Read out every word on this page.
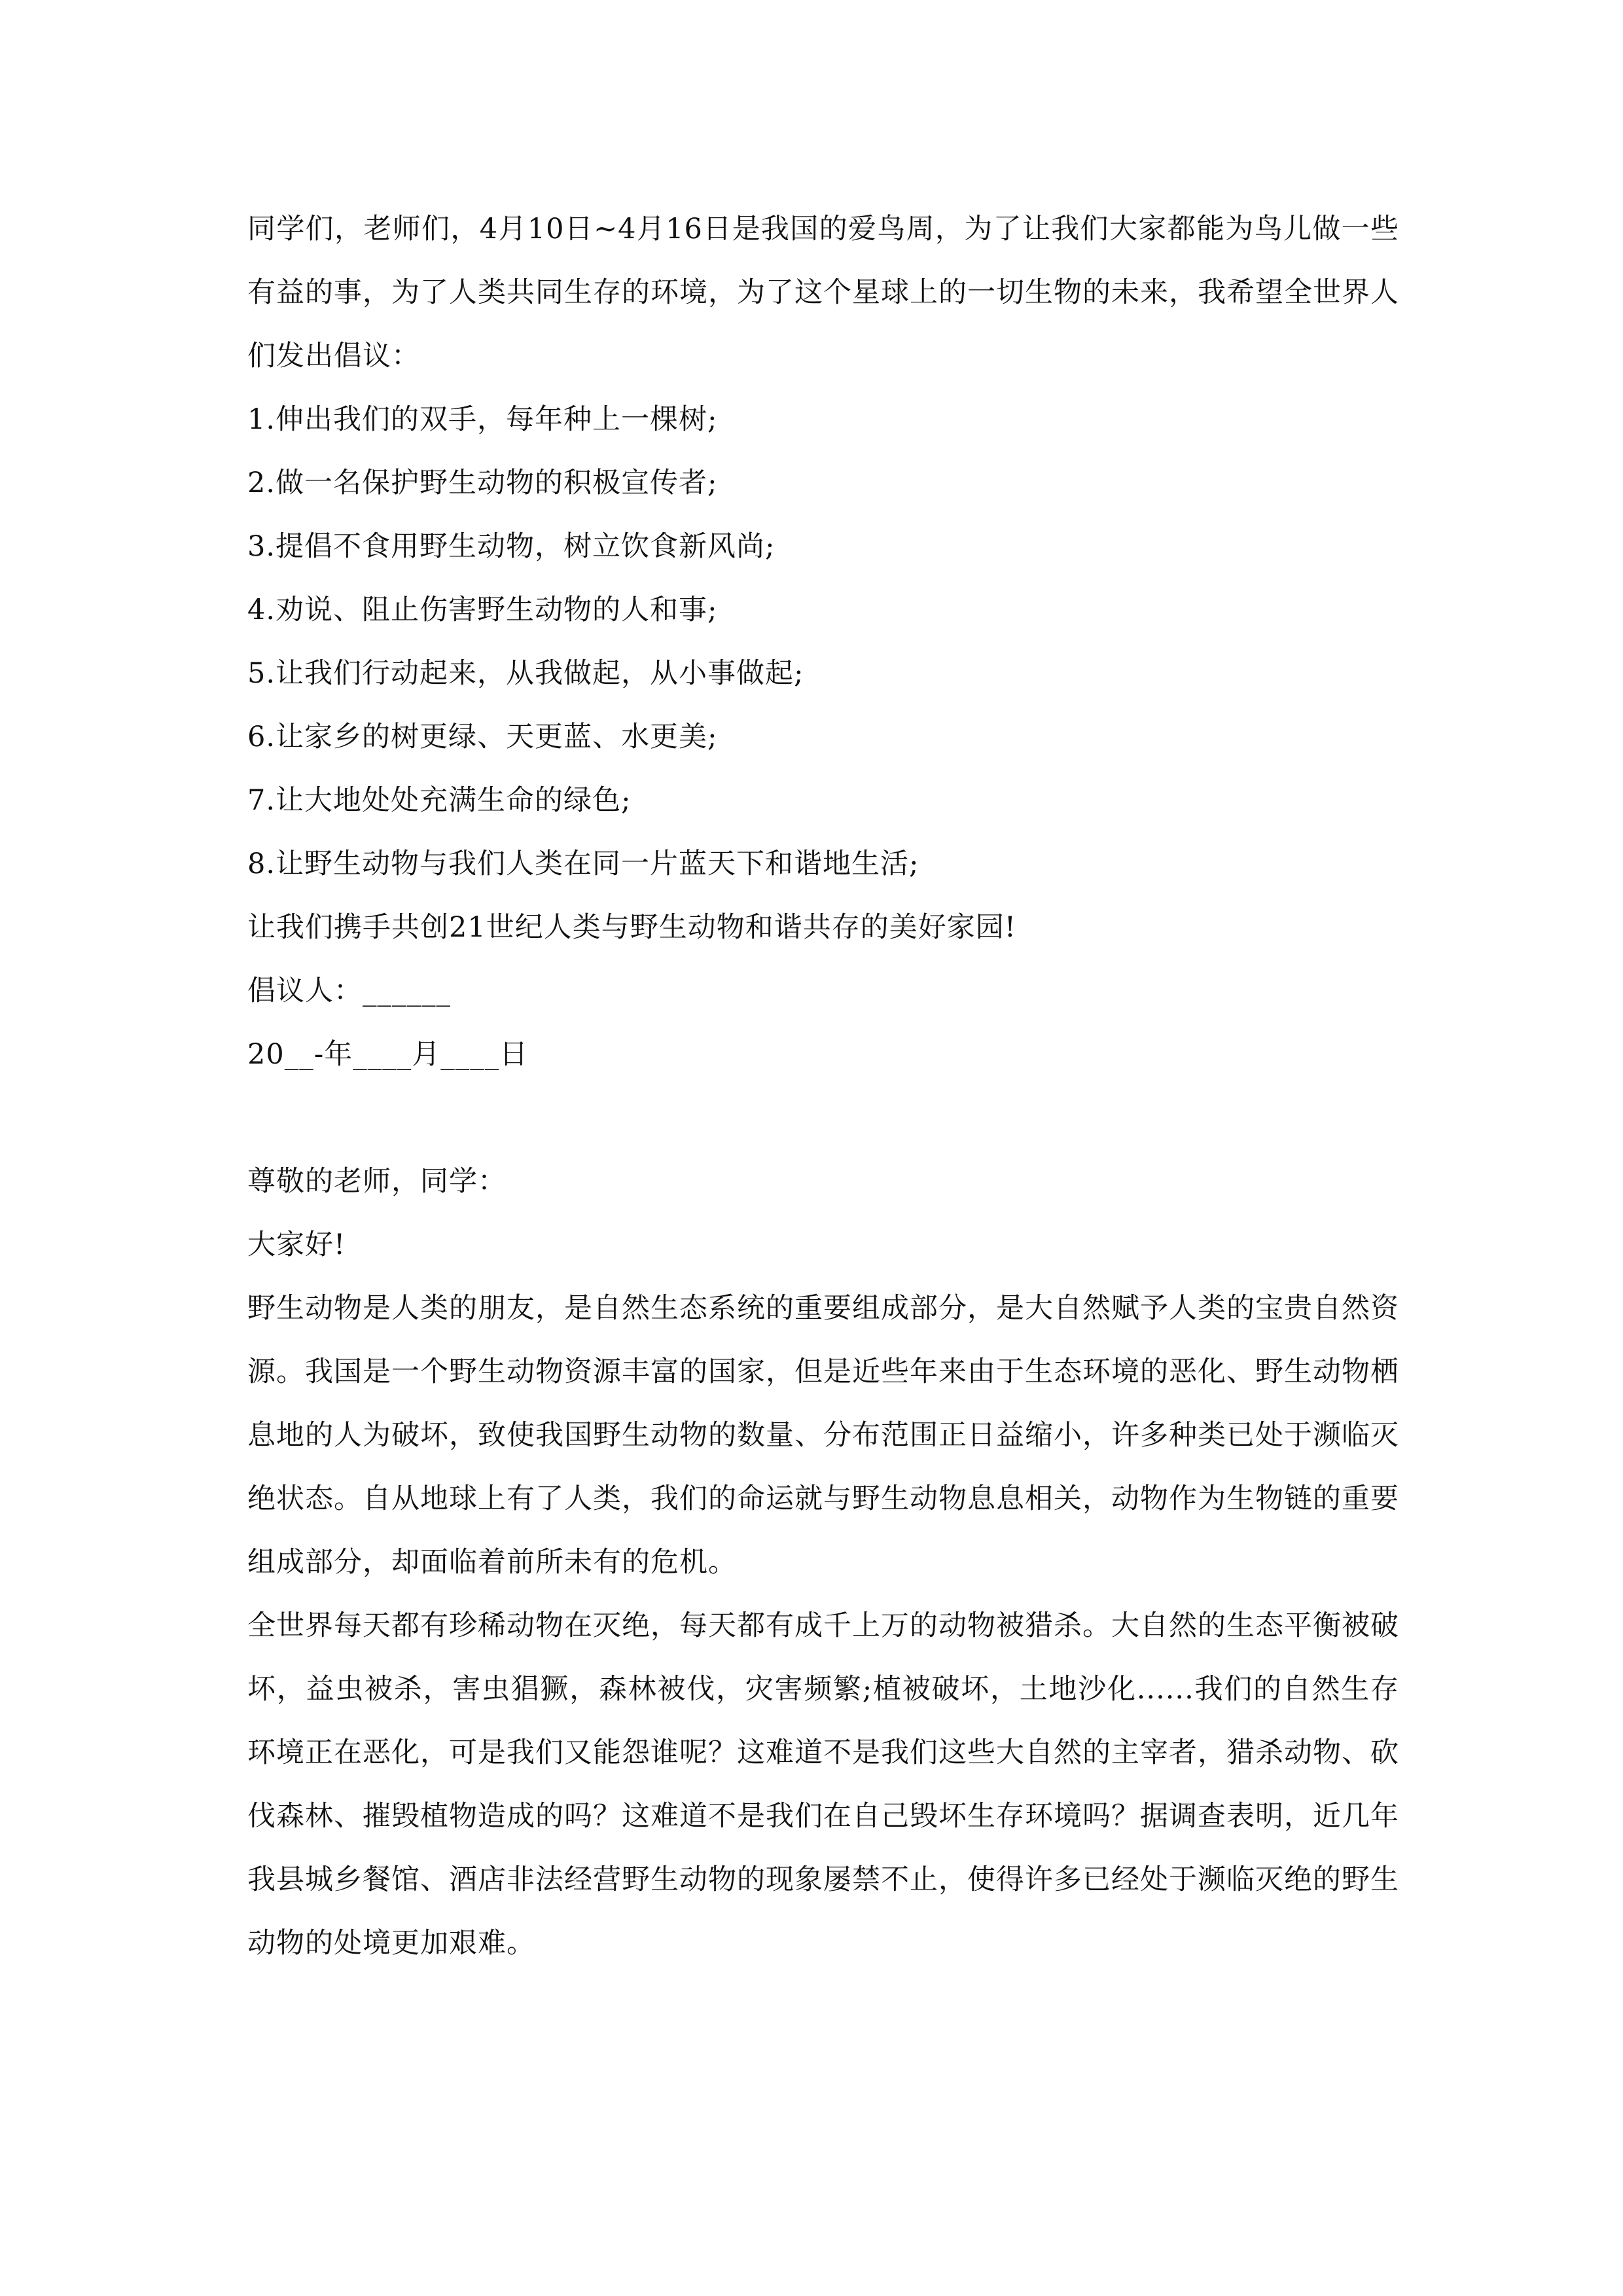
同学们，老师们，4月10日~4月16日是我国的爱鸟周，为了让我们大家都能为鸟儿做一些有益的事，为了人类共同生存的环境，为了这个星球上的一切生物的未来，我希望全世界人们发出倡议：

1.伸出我们的双手，每年种上一棵树;

2.做一名保护野生动物的积极宣传者;

3.提倡不食用野生动物，树立饮食新风尚;

4.劝说、阻止伤害野生动物的人和事;

5.让我们行动起来，从我做起，从小事做起;

6.让家乡的树更绿、天更蓝、水更美;

7.让大地处处充满生命的绿色;

8.让野生动物与我们人类在同一片蓝天下和谐地生活;

让我们携手共创21世纪人类与野生动物和谐共存的美好家园!

倡议人：______

20__-年____月____日

尊敬的老师，同学：

大家好!

野生动物是人类的朋友，是自然生态系统的重要组成部分，是大自然赋予人类的宝贵自然资源。我国是一个野生动物资源丰富的国家，但是近些年来由于生态环境的恶化、野生动物栖息地的人为破坏，致使我国野生动物的数量、分布范围正日益缩小，许多种类已处于濒临灭绝状态。自从地球上有了人类，我们的命运就与野生动物息息相关，动物作为生物链的重要组成部分，却面临着前所未有的危机。

全世界每天都有珍稀动物在灭绝，每天都有成千上万的动物被猎杀。大自然的生态平衡被破坏，益虫被杀，害虫猖獗，森林被伐，灾害频繁;植被破坏，土地沙化......我们的自然生存环境正在恶化，可是我们又能怨谁呢？这难道不是我们这些大自然的主宰者，猎杀动物、砍伐森林、摧毁植物造成的吗？这难道不是我们在自己毁坏生存环境吗？据调查表明，近几年我县城乡餐馆、酒店非法经营野生动物的现象屡禁不止，使得许多已经处于濒临灭绝的野生动物的处境更加艰难。
